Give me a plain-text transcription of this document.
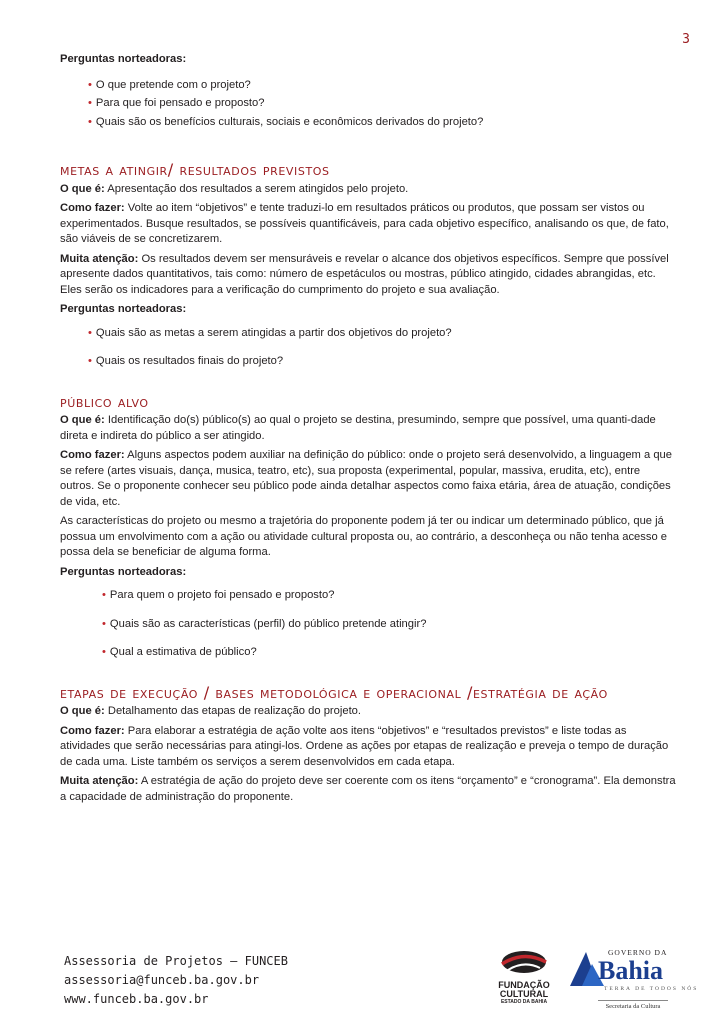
3

Perguntas norteadoras:

• O que pretende com o projeto?
• Para que foi pensado e proposto?
• Quais são os benefícios culturais, sociais e econômicos derivados do projeto?
metas a atingir/ resultados previstos

O que é: Apresentação dos resultados a serem atingidos pelo projeto.

Como fazer: Volte ao item “objetivos” e tente traduzi-lo em resultados práticos ou produtos, que possam ser vistos ou experimentados. Busque resultados, se possíveis quantificáveis, para cada objetivo específico, analisando os que, de fato, são viáveis de se concretizarem.

Muita atenção: Os resultados devem ser mensuráveis e revelar o alcance dos objetivos específicos. Sempre que possível apresente dados quantitativos, tais como: número de espetáculos ou mostras, público atingido, cidades abrangidas, etc. Eles serão os indicadores para a verificação do cumprimento do projeto e sua avaliação.

Perguntas norteadoras:

• Quais são as metas a serem atingidas a partir dos objetivos do projeto?
• Quais os resultados finais do projeto?
público alvo

O que é: Identificação do(s) público(s) ao qual o projeto se destina, presumindo, sempre que possível, uma quanti-dade direta e indireta do público a ser atingido.

Como fazer: Alguns aspectos podem auxiliar na definição do público: onde o projeto será desenvolvido, a linguagem a que se refere (artes visuais, dança, musica, teatro, etc), sua proposta (experimental, popular, massiva, erudita, etc), entre outros. Se o proponente conhecer seu público pode ainda detalhar aspectos como faixa etária, área de atuação, condições de vida, etc.

As características do projeto ou mesmo a trajetória do proponente podem já ter ou indicar um determinado público, que já possua um envolvimento com a ação ou atividade cultural proposta ou, ao contrário, a desconheça ou não tenha acesso e possa dela se beneficiar de alguma forma.

Perguntas norteadoras:

• Para quem o projeto foi pensado e proposto?
• Quais são as características (perfil) do público pretende atingir?
• Qual a estimativa de público?
etapas de execução / bases metodológica e operacional /estratégia de ação

O que é: Detalhamento das etapas de realização do projeto.

Como fazer: Para elaborar a estratégia de ação volte aos itens “objetivos” e “resultados previstos” e liste todas as atividades que serão necessárias para atingi-los. Ordene as ações por etapas de realização e preveja o tempo de duração de cada uma. Liste também os serviços a serem desenvolvidos em cada etapa.

Muita atenção: A estratégia de ação do projeto deve ser coerente com os itens “orçamento” e “cronograma”. Ela demonstra a capacidade de administração do proponente.

Assessoria de Projetos – FUNCEB
assessoria@funceb.ba.gov.br
www.funceb.ba.gov.br
FUNDAÇÃO
CULTURAL
ESTADO DA BAHIA
GOVERNO DA
Bahia
TERRA DE TODOS NÓS
Secretaria da Cultura
